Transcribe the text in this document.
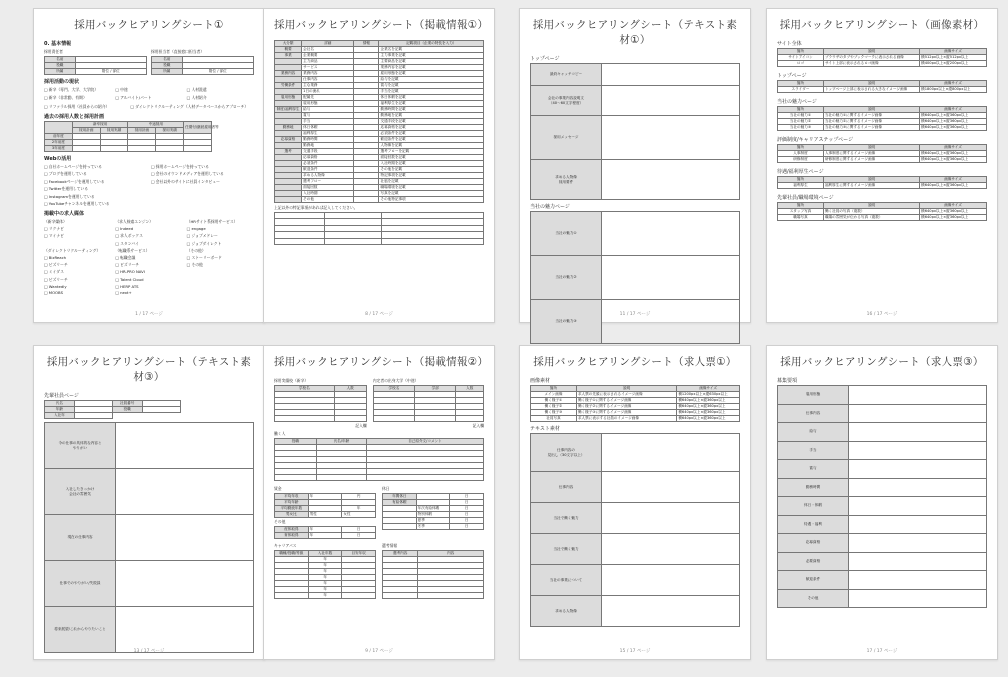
採用バックヒアリングシート①
0. 基本情報
採用責任者
名前	
役職	
所属	階位 / 部位
採用担当者（直接窓口担当者）
名前	
役職	
所属	階位 / 部位
採用活動の現状
□ 新卒（専門、大学、大学院）	□ 中途	□ 人材派遣
□ 新卒（非常勤、有期）	□ アルバイト/パート	□ 人材紹介
□ リファラル採用（社員からの紹介）	□ ダイレクトリクルーティング（人材データベースからアプローチ）
過去の採用人数と採用計画
	新卒採用		中途採用		任期付/継続雇用者等
	採用計画	採用実績	採用計画	採用実績	
前年度					
2年前度					
3年前度					
Webの活用
□ 自社ホームページを持っている	□ 採用ホームページを持っている
□ ブログを運用している	□ 会社のオウンドメディアを運用している
□ Facebookページを運用している	□ 会社以外のサイトに社員インタビュー
□ Twitterを運用している
□ Instagramを運用している
□ YouTubeチャンネルを運用している
掲載中の求人媒体
（新卒媒体）	（求人検索エンジン）	（HRサイト系採用サービス）
□ リクナビ	□ Indeed	□ engage
□ マイナビ	□ 求人ボックス	□ ジョブメドレー
□ スタンバイ	□ ジョブダイレクト
（ダイレクトリクルーティング）	（転職系サービス）	（その他）
□ BizReach	□ 転職会議	□ ストーリーボード
□ ビズリーチ	□ ビズリーチ	□ その他
□ ミイダス	□ HR-PRO NAVI
□ ビズリーチ	□ Talent Cloud
□ Wantedly	□ HERP ATS
□ MOOBS	□ next+
1 / 17 ページ
採用バックヒアリングシート（掲載情報①）
大分類	詳細	情報	記載項目（企業の特長を入力）
概要	会社名		企業名を記載
事業	企業概要		主力事業を記載
	主力商品		主要商品を記載
	サービス		業務内容を記載
業務内容	業務内容		雇用形態を記載
	仕事内容		給与を記載
労働条件	主な業務		賞与を記載
	1日の流れ		手当を記載
雇用形態	配属先		休日休暇を記載
	雇用形態		福利厚生を記載
制度/福利厚生	給与		勤務時間を記載
	賞与		勤務地を記載
	手当		交通手段を記載
勤務地	休日休暇		応募資格を記載
	福利厚生		必須条件を記載
応募資格	勤務時間		歓迎条件を記載
	勤務地		人物像を記載
選考	交通手段		選考フローを記載
	応募資格		面接回数を記載
	必須条件		入社時期を記載
	歓迎条件		その他を記載
	求める人物像		特記事項を記載
	選考フロー		社風を記載
	面接回数		職場環境を記載
	入社時期		写真を記載
	その他		その他特記事項
上記以外の特記事項があれば記入してください。

8 / 17 ページ
採用バックヒアリングシート（テキスト素材①）
トップページ
最終キャッチコピー	
会社の事業内容説明文
（40〜60文字程度）	
採用メッセージ	
求める人物像
採用要件	
当社の魅力ページ
当社の魅力①	
当社の魅力②	
当社の魅力③	
11 / 17 ページ
採用バックヒアリングシート（画像素材）
サイト全体
箇所	説明	画像サイズ
サイトアイコン	ブラウザのタブやブックマークに表示される画像	横512px以上×縦512px以上
ロゴ	サイト上部に表示されるロゴ画像	横400px以上×縦200px以上
トップページ
箇所	説明	画像サイズ
スライダー	トップページ上部に表示される大きなイメージ画像	横1800px以上×縦800px以上
当社の魅力ページ
箇所	説明	画像サイズ
当社の魅力①	当社の魅力①に関するイメージ画像	横640px以上×縦360px以上
当社の魅力②	当社の魅力②に関するイメージ画像	横640px以上×縦360px以上
当社の魅力③	当社の魅力③に関するイメージ画像	横640px以上×縦360px以上
評価制度/キャリアステップページ
箇所	説明	画像サイズ
人事制度	人事制度に関するイメージ画像	横640px以上×縦360px以上
研修制度	研修制度に関するイメージ画像	横640px以上×縦360px以上
待遇/福利厚生ページ
箇所	説明	画像サイズ
福利厚生	福利厚生に関するイメージ画像	横640px以上×縦360px以上
先輩社員/職場環境ページ
箇所	説明	画像サイズ
スタッフ写真	働く社員の写真（複数）	横640px以上×縦360px以上
職場写真	職場の雰囲気が伝わる写真（複数）	横640px以上×縦360px以上
16 / 17 ページ
採用バックヒアリングシート（テキスト素材③）
先輩社員ページ
氏名		社員番号	
年齢		役職	
入社年			
今の仕事の具体的な内容と
やりがい	
入社したきっかけ
会社の雰囲気	
現在の仕事内容	
仕事でのやりがい/失敗談	
将来展望/これからやりたいこと	
13 / 17 ページ
採用バックヒアリングシート（掲載情報②）
採用実績校（新卒）
学校名	人数

記入欄
内定者の出身大学（中途）
学校名	学部	人数

記入欄
働く人
役職	氏名/年齢	自己紹介文/コメント

賃金
平均年収	年	円
平均年齢		
平均勤続年数		年
男女比	男性	女性
その他
産休取得	年	日
育休取得	年	日
休日
年間休日		日
有給休暇		日
	年次有給休暇	日
	特別休暇	日
	夏季	日
	冬季	日
キャリアパス
職種/役職/等級	入社年数	目安年収
	年	
	年	
	年	
	年	
	年	
	年	
	年	
選考情報
選考内容	内容

9 / 17 ページ
採用バックヒアリングシート（求人票①）
画像素材
箇所	説明	画像サイズ
メイン画像	求人票の先頭に表示されるイメージ画像	横1200px以上×縦630px以上
働く様子①	働く様子①に関するイメージ画像	横640px以上×縦360px以上
働く様子②	働く様子②に関するイメージ画像	横640px以上×縦360px以上
働く様子③	働く様子③に関するイメージ画像	横640px以上×縦360px以上
社員写真	求人票に表示する社員のイメージ画像	横640px以上×縦360px以上
テキスト素材
仕事内容の
見出し（30文字以上）	
仕事内容	
当社で働く魅力	
当社で働く魅力	
当社の事業について	
求める人物像	
15 / 17 ページ
採用バックヒアリングシート（求人票③）
募集要項
雇用形態	
仕事内容	
給与	
手当	
賞与	
勤務時間	
休日・休暇	
待遇・福利	
応募資格	
必要資格	
歓迎条件	
その他	
17 / 17 ページ
